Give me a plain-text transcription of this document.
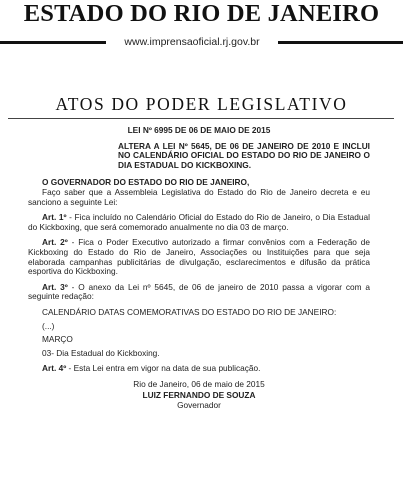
ESTADO DO RIO DE JANEIRO
www.imprensaoficial.rj.gov.br
ATOS DO PODER LEGISLATIVO

LEI Nº 6995 DE 06 DE MAIO DE 2015

ALTERA A LEI Nº 5645, DE 06 DE JANEIRO DE 2010 E INCLUI NO CALENDÁRIO OFICIAL DO ESTADO DO RIO DE JANEIRO O DIA ESTADUAL DO KICKBOXING.

O GOVERNADOR DO ESTADO DO RIO DE JANEIRO,

Faço saber que a Assembleia Legislativa do Estado do Rio de Janeiro decreta e eu sanciono a seguinte Lei:

Art. 1º - Fica incluído no Calendário Oficial do Estado do Rio de Janeiro, o Dia Estadual do Kickboxing, que será comemorado anualmente no dia 03 de março.

Art. 2º - Fica o Poder Executivo autorizado a firmar convênios com a Federação de Kickboxing do Estado do Rio de Janeiro, Associações ou Instituições para que seja elaborada campanhas publicitárias de divulgação, esclarecimentos e difusão da prática esportiva do Kickboxing.

Art. 3º - O anexo da Lei nº 5645, de 06 de janeiro de 2010 passa a vigorar com a seguinte redação:

CALENDÁRIO DATAS COMEMORATIVAS DO ESTADO DO RIO DE JANEIRO:

(...)

MARÇO

03- Dia Estadual do Kickboxing.

Art. 4º - Esta Lei entra em vigor na data de sua publicação.

Rio de Janeiro, 06 de maio de 2015

LUIZ FERNANDO DE SOUZA

Governador
